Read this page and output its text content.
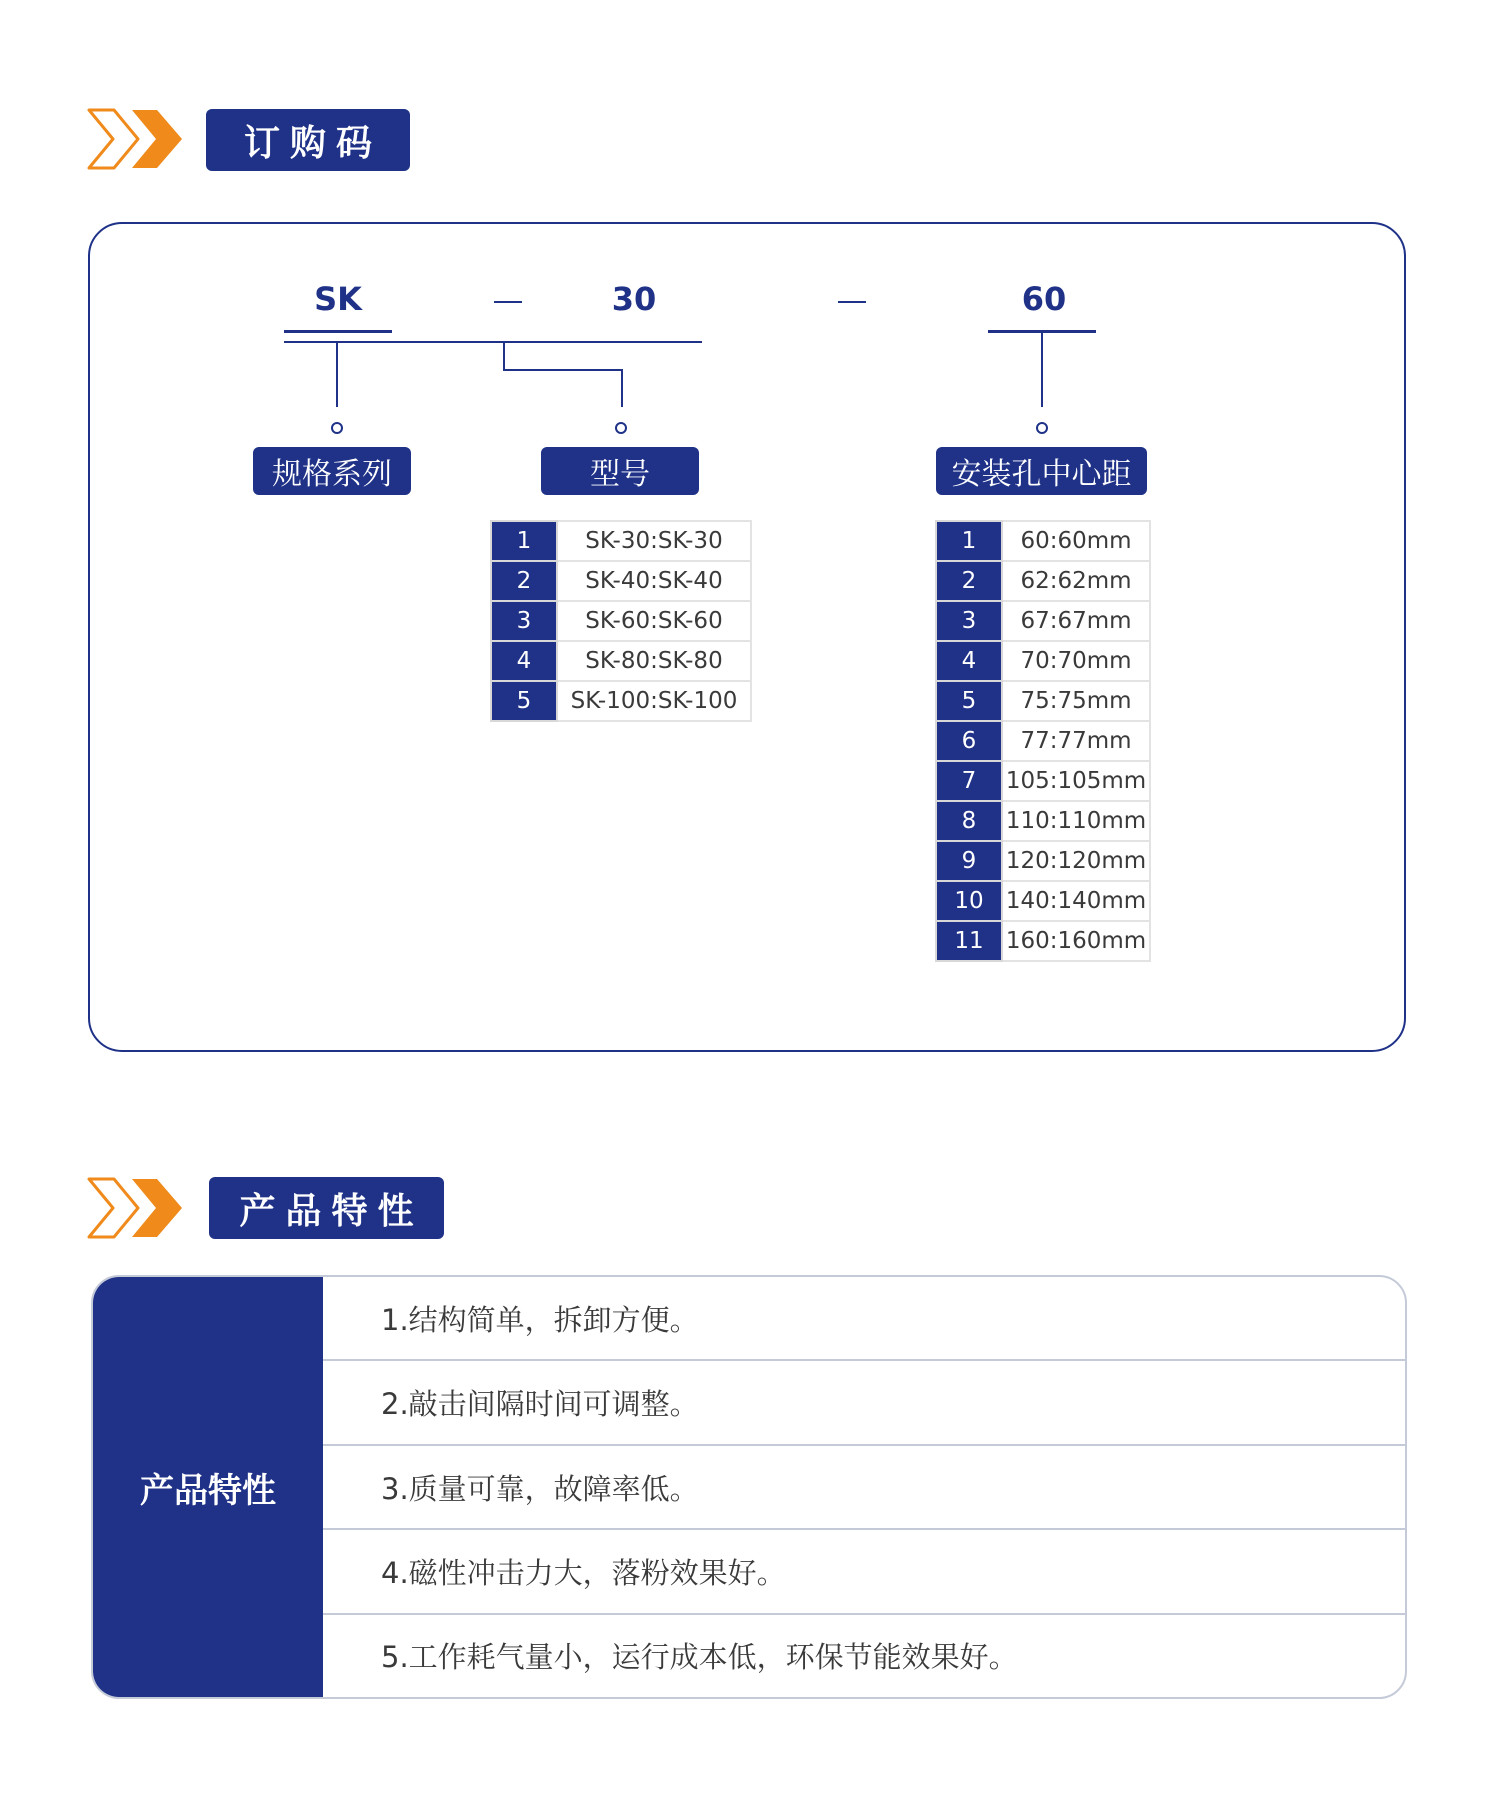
订购码
SK	30	60
规格系列	型号	安装孔中心距
1	SK-30:SK-30
2	SK-40:SK-40
3	SK-60:SK-60
4	SK-80:SK-80
5	SK-100:SK-100
1	60:60mm
2	62:62mm
3	67:67mm
4	70:70mm
5	75:75mm
6	77:77mm
7	105:105mm
8	110:110mm
9	120:120mm
10	140:140mm
11	160:160mm
产品特性
产品特性
1.结构简单，拆卸方便。
2.敲击间隔时间可调整。
3.质量可靠，故障率低。
4.磁性冲击力大，落粉效果好。
5.工作耗气量小，运行成本低，环保节能效果好。
